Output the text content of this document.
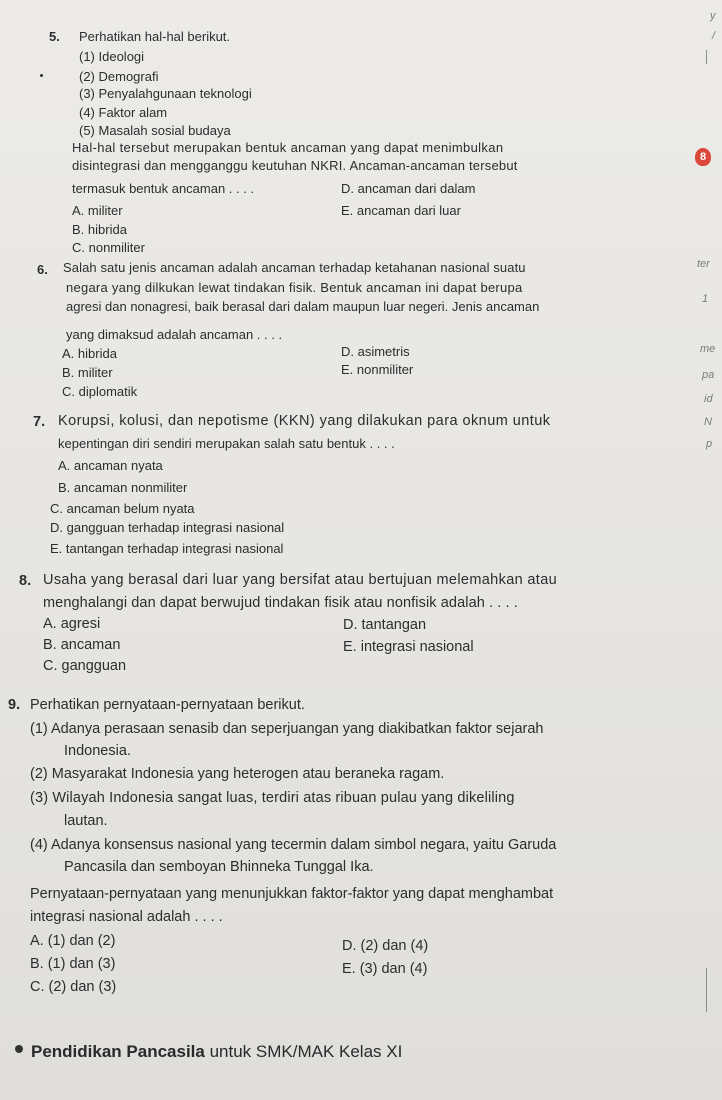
5. Perhatikan hal-hal berikut.
(1) Ideologi
(2) Demografi
(3) Penyalahgunaan teknologi
(4) Faktor alam
(5) Masalah sosial budaya
Hal-hal tersebut merupakan bentuk ancaman yang dapat menimbulkan
disintegrasi dan mengganggu keutuhan NKRI. Ancaman-ancaman tersebut
termasuk bentuk ancaman . . . .
A. militer
B. hibrida
C. nonmiliter
D. ancaman dari dalam
E. ancaman dari luar
6. Salah satu jenis ancaman adalah ancaman terhadap ketahanan nasional suatu
negara yang dilkukan lewat tindakan fisik. Bentuk ancaman ini dapat berupa
agresi dan nonagresi, baik berasal dari dalam maupun luar negeri. Jenis ancaman
yang dimaksud adalah ancaman . . . .
A. hibrida
B. militer
C. diplomatik
D. asimetris
E. nonmiliter
7. Korupsi, kolusi, dan nepotisme (KKN) yang dilakukan para oknum untuk
kepentingan diri sendiri merupakan salah satu bentuk . . . .
A. ancaman nyata
B. ancaman nonmiliter
C. ancaman belum nyata
D. gangguan terhadap integrasi nasional
E. tantangan terhadap integrasi nasional
8. Usaha yang berasal dari luar yang bersifat atau bertujuan melemahkan atau
menghalangi dan dapat berwujud tindakan fisik atau nonfisik adalah . . . .
A. agresi
B. ancaman
C. gangguan
D. tantangan
E. integrasi nasional
9. Perhatikan pernyataan-pernyataan berikut.
(1) Adanya perasaan senasib dan seperjuangan yang diakibatkan faktor sejarah
Indonesia.
(2) Masyarakat Indonesia yang heterogen atau beraneka ragam.
(3) Wilayah Indonesia sangat luas, terdiri atas ribuan pulau yang dikeliling
lautan.
(4) Adanya konsensus nasional yang tecermin dalam simbol negara, yaitu Garuda
Pancasila dan semboyan Bhinneka Tunggal Ika.
Pernyataan-pernyataan yang menunjukkan faktor-faktor yang dapat menghambat
integrasi nasional adalah . . . .
A. (1) dan (2)
B. (1) dan (3)
C. (2) dan (3)
D. (2) dan (4)
E. (3) dan (4)
Pendidikan Pancasila untuk SMK/MAK Kelas XI
8
y
/
ter
1
me
pa
id
N
p
